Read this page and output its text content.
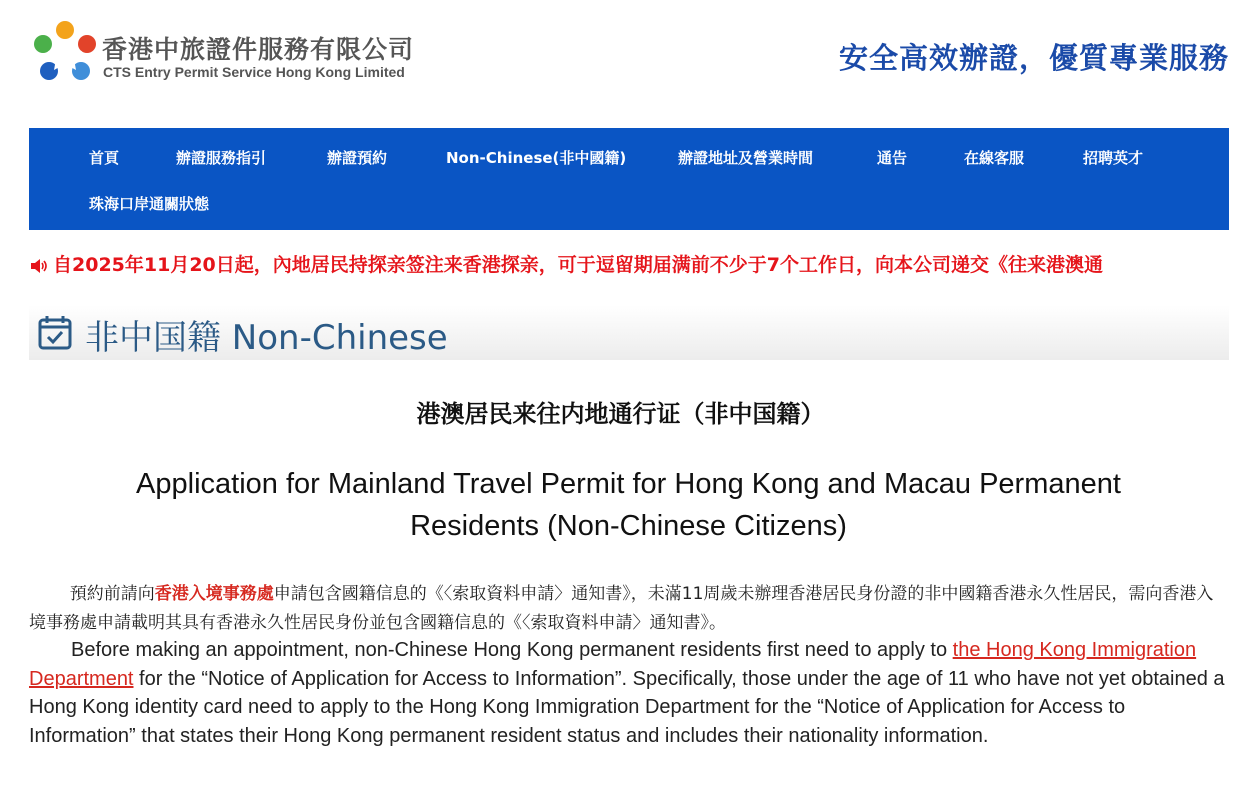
香港中旅證件服務有限公司
CTS Entry Permit Service Hong Kong Limited	安全高效辦證，優質專業服務
首頁	辦證服務指引	辦證預約	Non-Chinese(非中國籍)	辦證地址及營業時間	通告	在線客服	招聘英才
珠海口岸通關狀態
自2025年11月20日起，內地居民持探亲签注来香港探亲，可于逗留期届满前不少于7个工作日，向本公司递交《往来港澳通
非中国籍 Non-Chinese
港澳居民来往内地通行证（非中国籍）
Application for Mainland Travel Permit for Hong Kong and Macau Permanent Residents (Non-Chinese Citizens)
預約前請向香港入境事務處申請包含國籍信息的《〈索取資料申請〉通知書》，未滿11周歲未辦理香港居民身份證的非中國籍香港永久性居民，需向香港入境事務處申請載明其具有香港永久性居民身份並包含國籍信息的《〈索取資料申請〉通知書》。
Before making an appointment, non-Chinese Hong Kong permanent residents first need to apply to the Hong Kong Immigration Department for the “Notice of Application for Access to Information”. Specifically, those under the age of 11 who have not yet obtained a Hong Kong identity card need to apply to the Hong Kong Immigration Department for the “Notice of Application for Access to Information” that states their Hong Kong permanent resident status and includes their nationality information.
